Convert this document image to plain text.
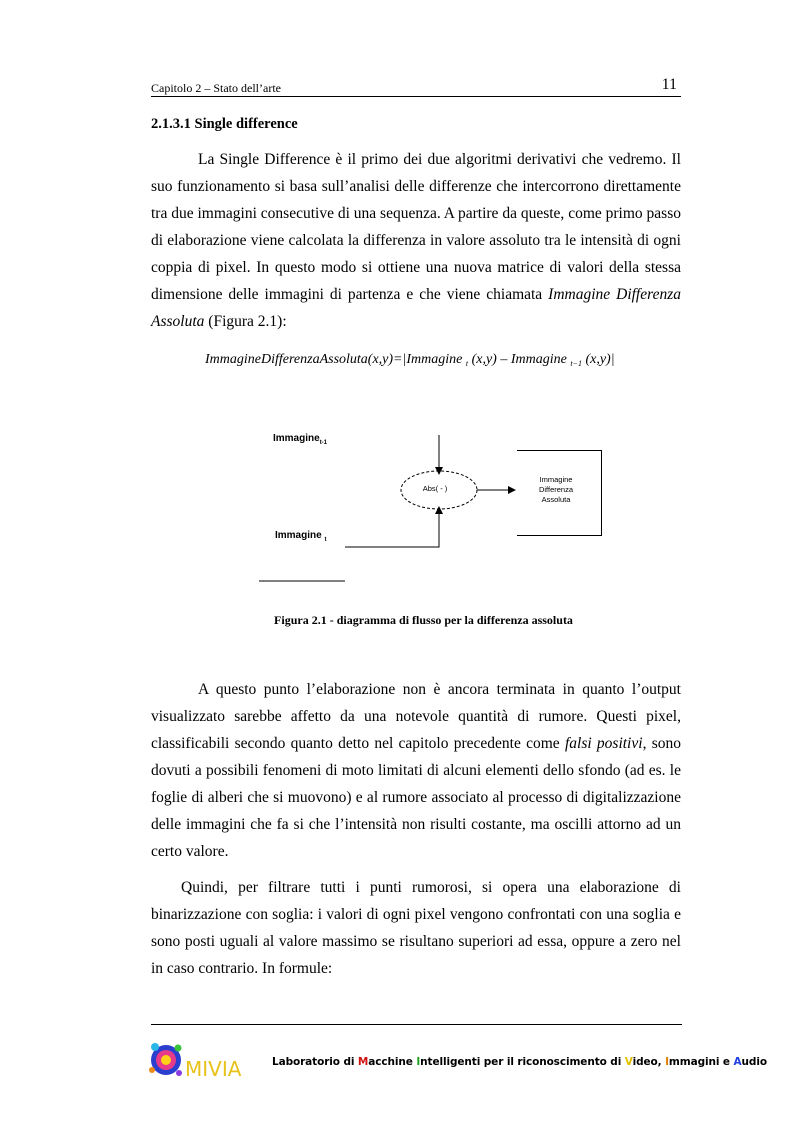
Capitolo 2 – Stato dell’arte	11
2.1.3.1 Single difference

La Single Difference è il primo dei due algoritmi derivativi che vedremo. Il suo funzionamento si basa sull’analisi delle differenze che intercorrono direttamente tra due immagini consecutive di una sequenza. A partire da queste, come primo passo di elaborazione viene calcolata la differenza in valore assoluto tra le intensità di ogni coppia di pixel. In questo modo si ottiene una nuova matrice di valori della stessa dimensione delle immagini di partenza e che viene chiamata Immagine Differenza Assoluta (Figura 2.1):

ImmagineDifferenzaAssoluta(x,y)=|Immagine $_t$ (x,y) – Immagine $_{t-1}$ (x,y)|
Immagine$_{t-1}$
Immagine $_t$
Abs( - )
Immagine
Differenza
Assoluta
Figura 2.1 - diagramma di flusso per la differenza assoluta

A questo punto l’elaborazione non è ancora terminata in quanto l’output visualizzato sarebbe affetto da una notevole quantità di rumore. Questi pixel, classificabili secondo quanto detto nel capitolo precedente come falsi positivi, sono dovuti a possibili fenomeni di moto limitati di alcuni elementi dello sfondo (ad es. le foglie di alberi che si muovono) e al rumore associato al processo di digitalizzazione delle immagini che fa si che l’intensità non risulti costante, ma oscilli attorno ad un certo valore.

Quindi, per filtrare tutti i punti rumorosi, si opera una elaborazione di binarizzazione con soglia: i valori di ogni pixel vengono confrontati con una soglia e sono posti uguali al valore massimo se risultano superiori ad essa, oppure a zero nel in caso contrario. In formule:

MIVIA	Laboratorio di Macchine Intelligenti per il riconoscimento di Video, Immagini e Audio
